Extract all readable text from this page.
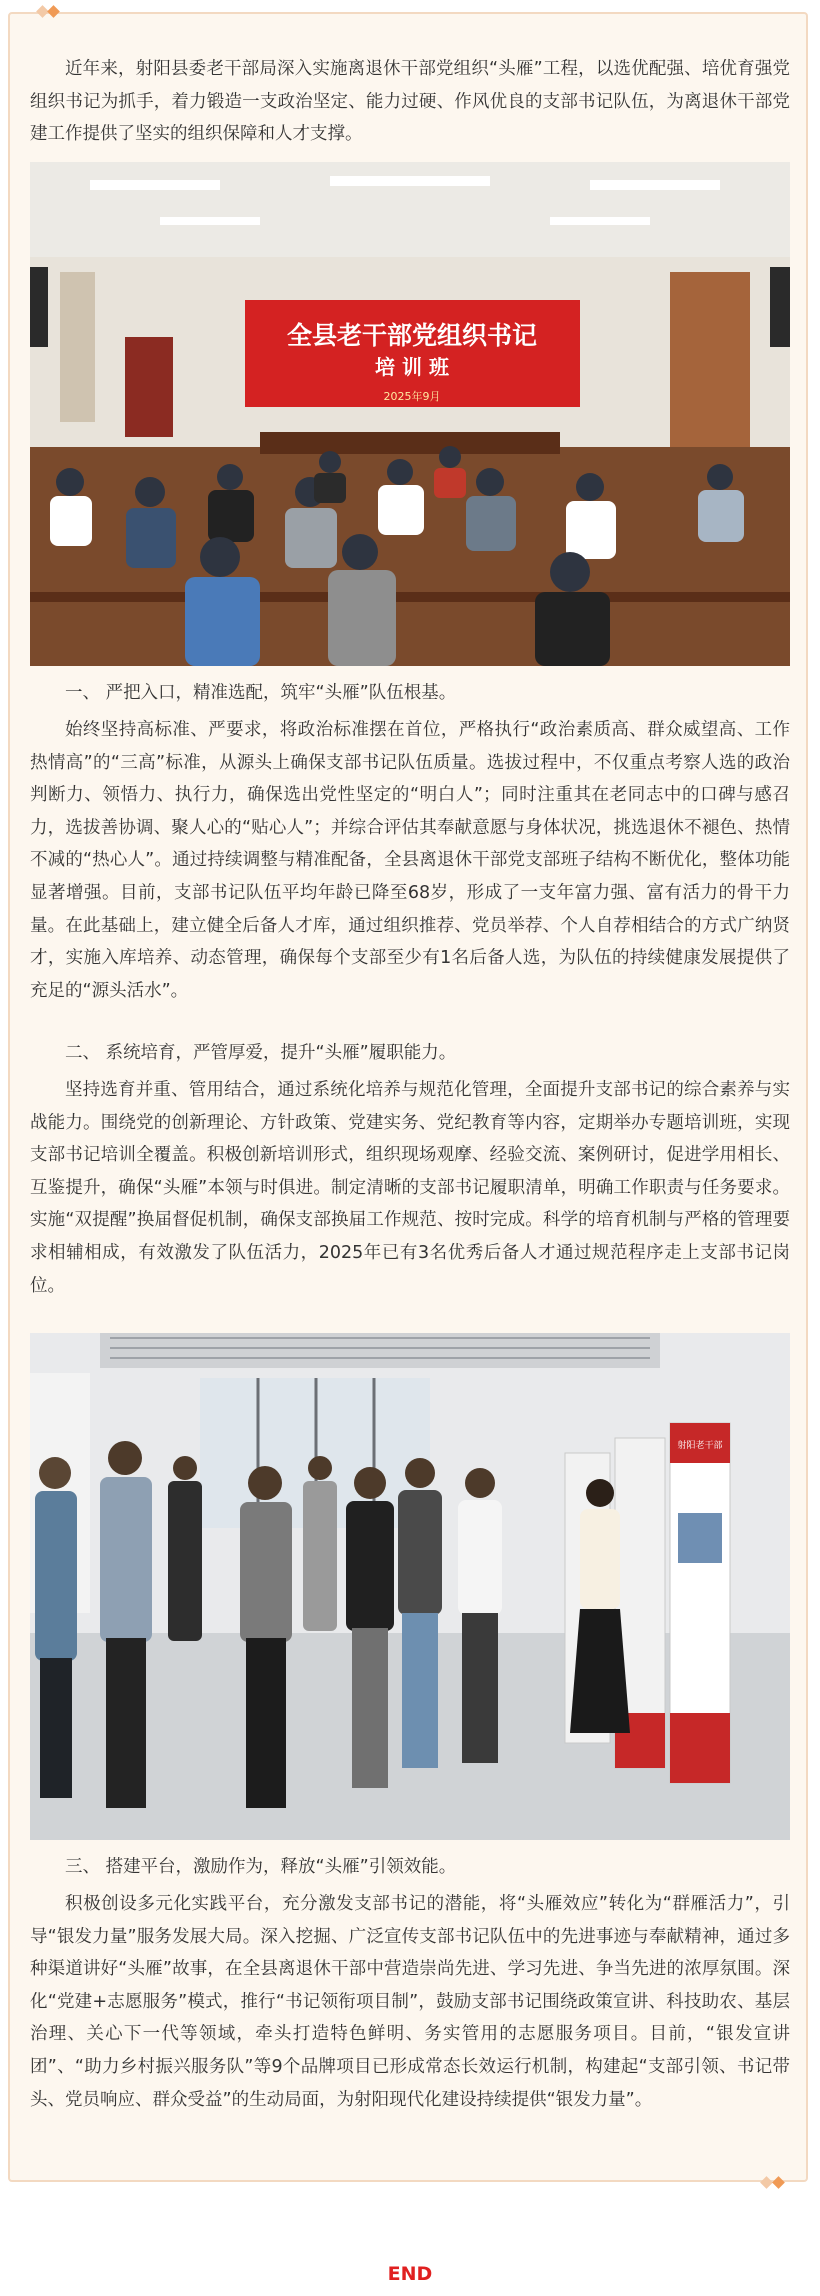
近年来，射阳县委老干部局深入实施离退休干部党组织“头雁”工程，以选优配强、培优育强党组织书记为抓手，着力锻造一支政治坚定、能力过硬、作风优良的支部书记队伍，为离退休干部党建工作提供了坚实的组织保障和人才支撑。

全县老干部党组织书记
培 训 班
2025年9月

一、 严把入口，精准选配，筑牢“头雁”队伍根基。

始终坚持高标准、严要求，将政治标准摆在首位，严格执行“政治素质高、群众威望高、工作热情高”的“三高”标准，从源头上确保支部书记队伍质量。选拔过程中，不仅重点考察人选的政治判断力、领悟力、执行力，确保选出党性坚定的“明白人”；同时注重其在老同志中的口碑与感召力，选拔善协调、聚人心的“贴心人”；并综合评估其奉献意愿与身体状况，挑选退休不褪色、热情不减的“热心人”。通过持续调整与精准配备，全县离退休干部党支部班子结构不断优化，整体功能显著增强。目前，支部书记队伍平均年龄已降至68岁，形成了一支年富力强、富有活力的骨干力量。在此基础上，建立健全后备人才库，通过组织推荐、党员举荐、个人自荐相结合的方式广纳贤才，实施入库培养、动态管理，确保每个支部至少有1名后备人选，为队伍的持续健康发展提供了充足的“源头活水”。

二、 系统培育，严管厚爱，提升“头雁”履职能力。

坚持选育并重、管用结合，通过系统化培养与规范化管理，全面提升支部书记的综合素养与实战能力。围绕党的创新理论、方针政策、党建实务、党纪教育等内容，定期举办专题培训班，实现支部书记培训全覆盖。积极创新培训形式，组织现场观摩、经验交流、案例研讨，促进学用相长、互鉴提升，确保“头雁”本领与时俱进。制定清晰的支部书记履职清单，明确工作职责与任务要求。实施“双提醒”换届督促机制，确保支部换届工作规范、按时完成。科学的培育机制与严格的管理要求相辅相成，有效激发了队伍活力，2025年已有3名优秀后备人才通过规范程序走上支部书记岗位。

射阳老干部

三、 搭建平台，激励作为，释放“头雁”引领效能。

积极创设多元化实践平台，充分激发支部书记的潜能，将“头雁效应”转化为“群雁活力”，引导“银发力量”服务发展大局。深入挖掘、广泛宣传支部书记队伍中的先进事迹与奉献精神，通过多种渠道讲好“头雁”故事，在全县离退休干部中营造崇尚先进、学习先进、争当先进的浓厚氛围。深化“党建+志愿服务”模式，推行“书记领衔项目制”，鼓励支部书记围绕政策宣讲、科技助农、基层治理、关心下一代等领域，牵头打造特色鲜明、务实管用的志愿服务项目。目前，“银发宣讲团”、“助力乡村振兴服务队”等9个品牌项目已形成常态长效运行机制，构建起“支部引领、书记带头、党员响应、群众受益”的生动局面，为射阳现代化建设持续提供“银发力量”。

END
